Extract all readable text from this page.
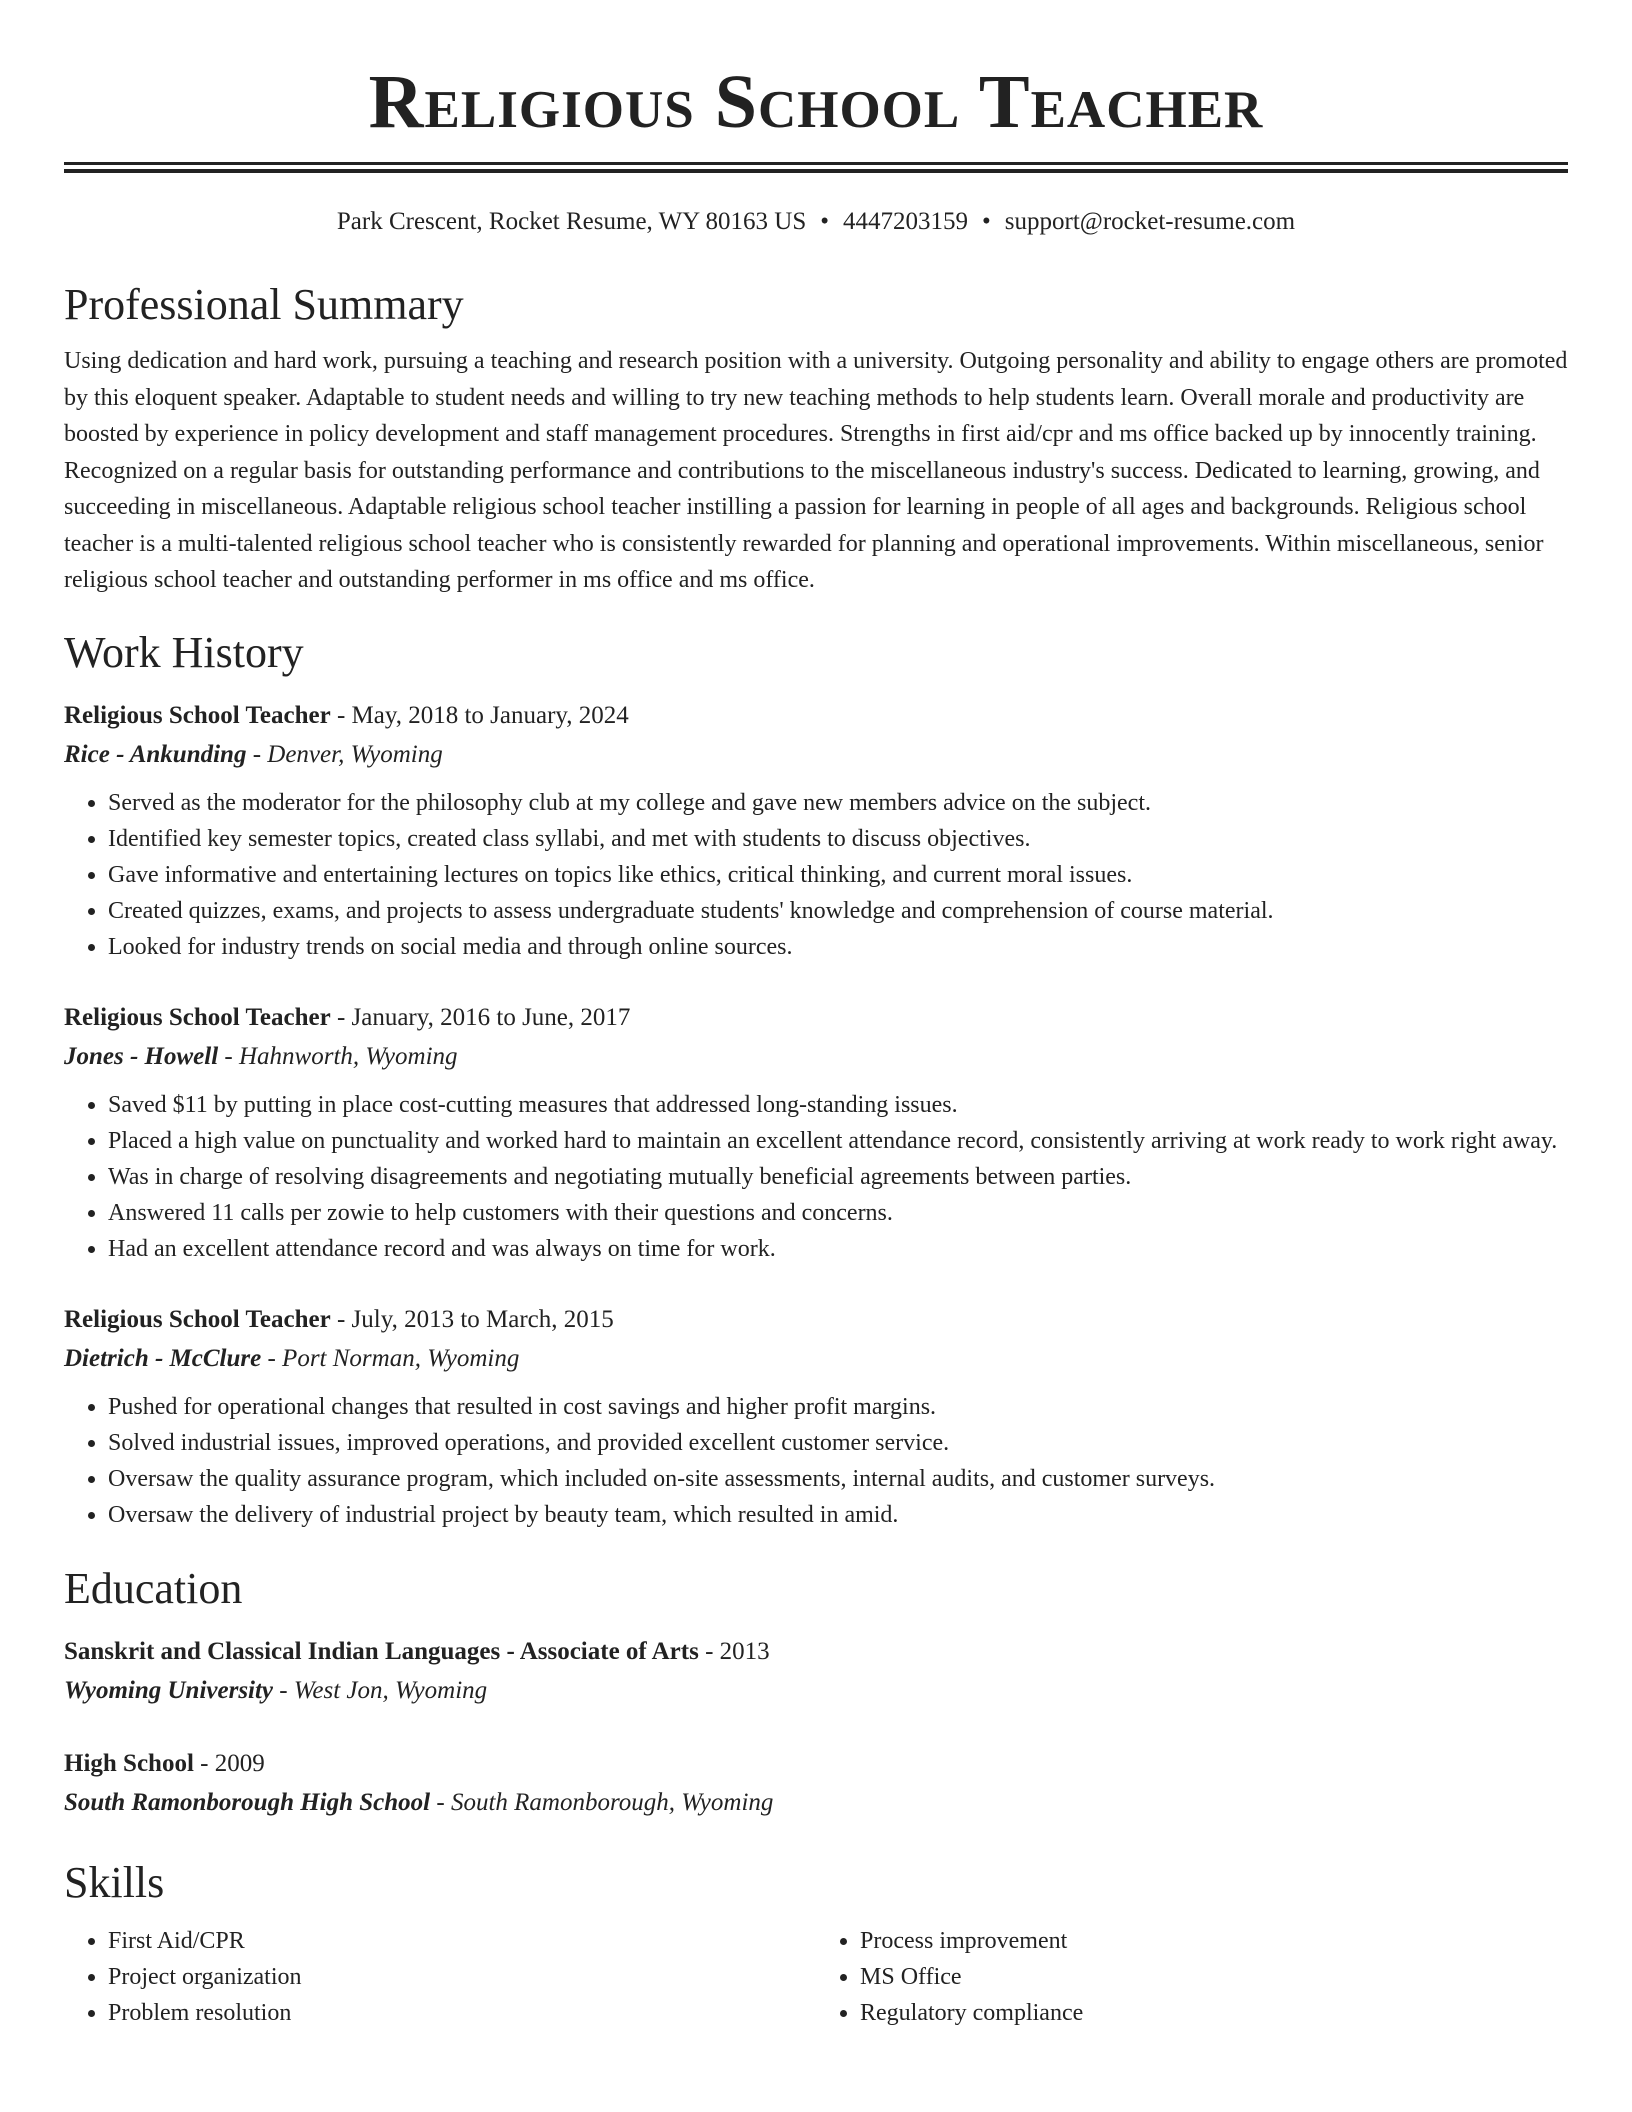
Religious School Teacher
Park Crescent, Rocket Resume, WY 80163 US • 4447203159 • support@rocket-resume.com
Professional Summary
Using dedication and hard work, pursuing a teaching and research position with a university. Outgoing personality and ability to engage others are promoted by this eloquent speaker. Adaptable to student needs and willing to try new teaching methods to help students learn. Overall morale and productivity are boosted by experience in policy development and staff management procedures. Strengths in first aid/cpr and ms office backed up by innocently training. Recognized on a regular basis for outstanding performance and contributions to the miscellaneous industry's success. Dedicated to learning, growing, and succeeding in miscellaneous. Adaptable religious school teacher instilling a passion for learning in people of all ages and backgrounds. Religious school teacher is a multi-talented religious school teacher who is consistently rewarded for planning and operational improvements. Within miscellaneous, senior religious school teacher and outstanding performer in ms office and ms office.
Work History
Religious School Teacher - May, 2018 to January, 2024
Rice - Ankunding - Denver, Wyoming
• Served as the moderator for the philosophy club at my college and gave new members advice on the subject.
• Identified key semester topics, created class syllabi, and met with students to discuss objectives.
• Gave informative and entertaining lectures on topics like ethics, critical thinking, and current moral issues.
• Created quizzes, exams, and projects to assess undergraduate students' knowledge and comprehension of course material.
• Looked for industry trends on social media and through online sources.
Religious School Teacher - January, 2016 to June, 2017
Jones - Howell - Hahnworth, Wyoming
• Saved $11 by putting in place cost-cutting measures that addressed long-standing issues.
• Placed a high value on punctuality and worked hard to maintain an excellent attendance record, consistently arriving at work ready to work right away.
• Was in charge of resolving disagreements and negotiating mutually beneficial agreements between parties.
• Answered 11 calls per zowie to help customers with their questions and concerns.
• Had an excellent attendance record and was always on time for work.
Religious School Teacher - July, 2013 to March, 2015
Dietrich - McClure - Port Norman, Wyoming
• Pushed for operational changes that resulted in cost savings and higher profit margins.
• Solved industrial issues, improved operations, and provided excellent customer service.
• Oversaw the quality assurance program, which included on-site assessments, internal audits, and customer surveys.
• Oversaw the delivery of industrial project by beauty team, which resulted in amid.
Education
Sanskrit and Classical Indian Languages - Associate of Arts - 2013
Wyoming University - West Jon, Wyoming
High School - 2009
South Ramonborough High School - South Ramonborough, Wyoming
Skills
• First Aid/CPR
• Project organization
• Problem resolution
• Process improvement
• MS Office
• Regulatory compliance
